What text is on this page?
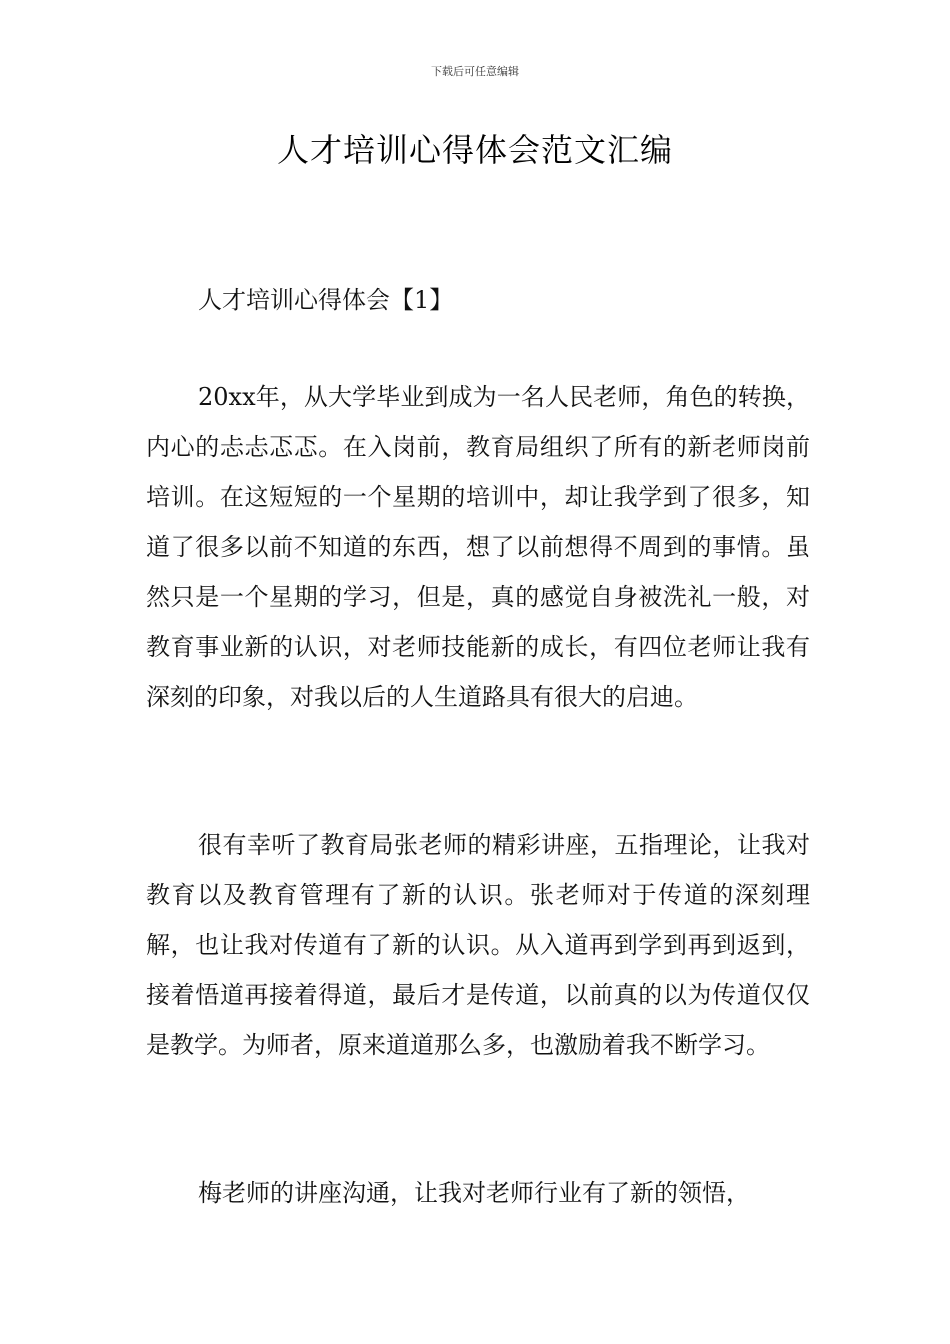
下载后可任意编辑
人才培训心得体会范文汇编
人才培训心得体会【1】
20xx年，从大学毕业到成为一名人民老师，角色的转换，内心的忐忐忑忑。在入岗前，教育局组织了所有的新老师岗前培训。在这短短的一个星期的培训中，却让我学到了很多，知道了很多以前不知道的东西，想了以前想得不周到的事情。虽然只是一个星期的学习，但是，真的感觉自身被洗礼一般，对教育事业新的认识，对老师技能新的成长，有四位老师让我有深刻的印象，对我以后的人生道路具有很大的启迪。
很有幸听了教育局张老师的精彩讲座，五指理论，让我对教育以及教育管理有了新的认识。张老师对于传道的深刻理解，也让我对传道有了新的认识。从入道再到学到再到返到，接着悟道再接着得道，最后才是传道，以前真的以为传道仅仅是教学。为师者，原来道道那么多，也激励着我不断学习。
梅老师的讲座沟通，让我对老师行业有了新的领悟，
